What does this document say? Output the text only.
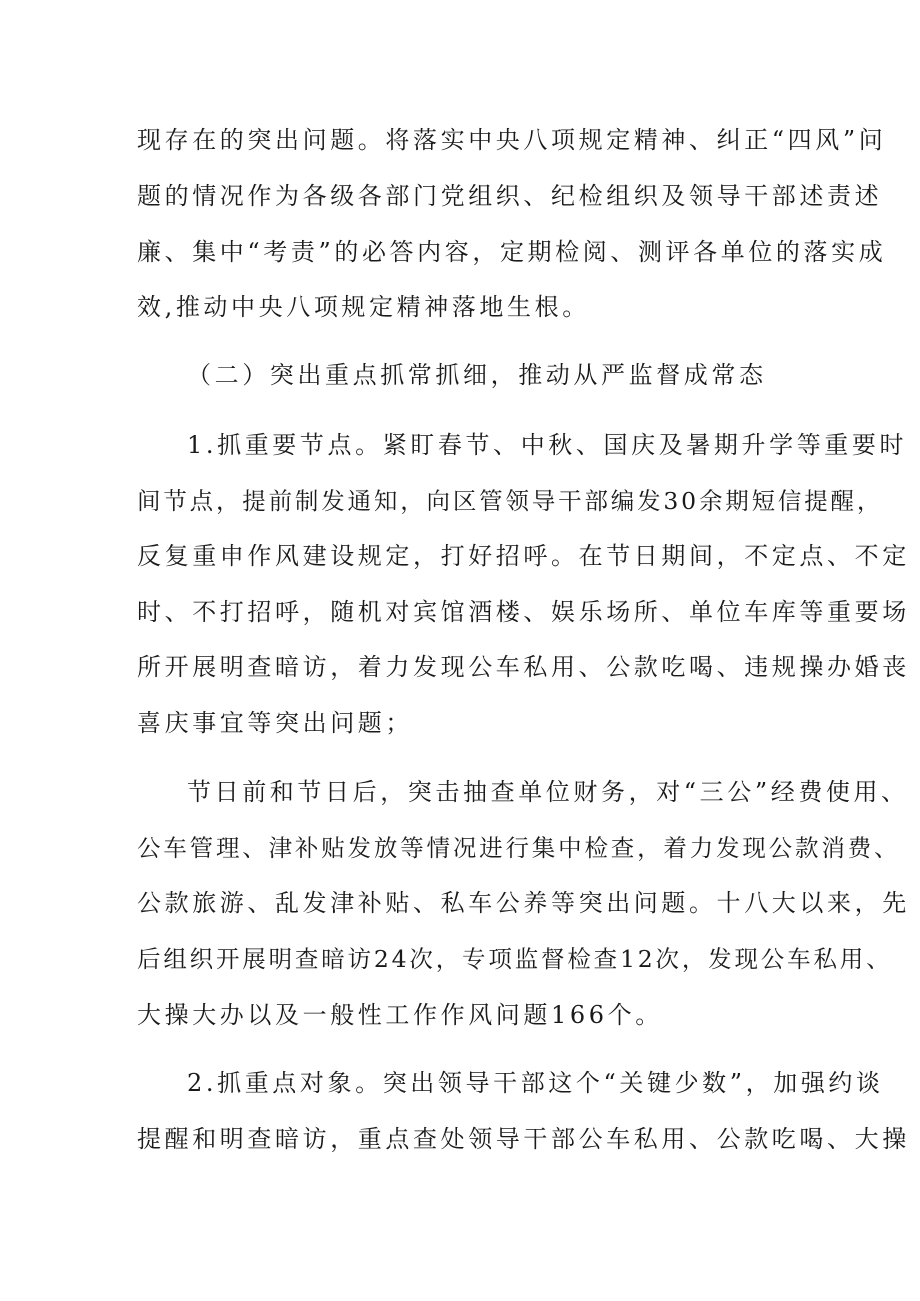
现存在的突出问题。将落实中央八项规定精神、纠正“四风”问
题的情况作为各级各部门党组织、纪检组织及领导干部述责述
廉、集中“考责”的必答内容，定期检阅、测评各单位的落实成
效,推动中央八项规定精神落地生根。
（二）突出重点抓常抓细，推动从严监督成常态
1.抓重要节点。紧盯春节、中秋、国庆及暑期升学等重要时
间节点，提前制发通知，向区管领导干部编发30余期短信提醒，
反复重申作风建设规定，打好招呼。在节日期间，不定点、不定
时、不打招呼，随机对宾馆酒楼、娱乐场所、单位车库等重要场
所开展明查暗访，着力发现公车私用、公款吃喝、违规操办婚丧
喜庆事宜等突出问题；
节日前和节日后，突击抽查单位财务，对“三公”经费使用、
公车管理、津补贴发放等情况进行集中检查，着力发现公款消费、
公款旅游、乱发津补贴、私车公养等突出问题。十八大以来，先
后组织开展明查暗访24次，专项监督检查12次，发现公车私用、
大操大办以及一般性工作作风问题166个。
2.抓重点对象。突出领导干部这个“关键少数”，加强约谈
提醒和明查暗访，重点查处领导干部公车私用、公款吃喝、大操
